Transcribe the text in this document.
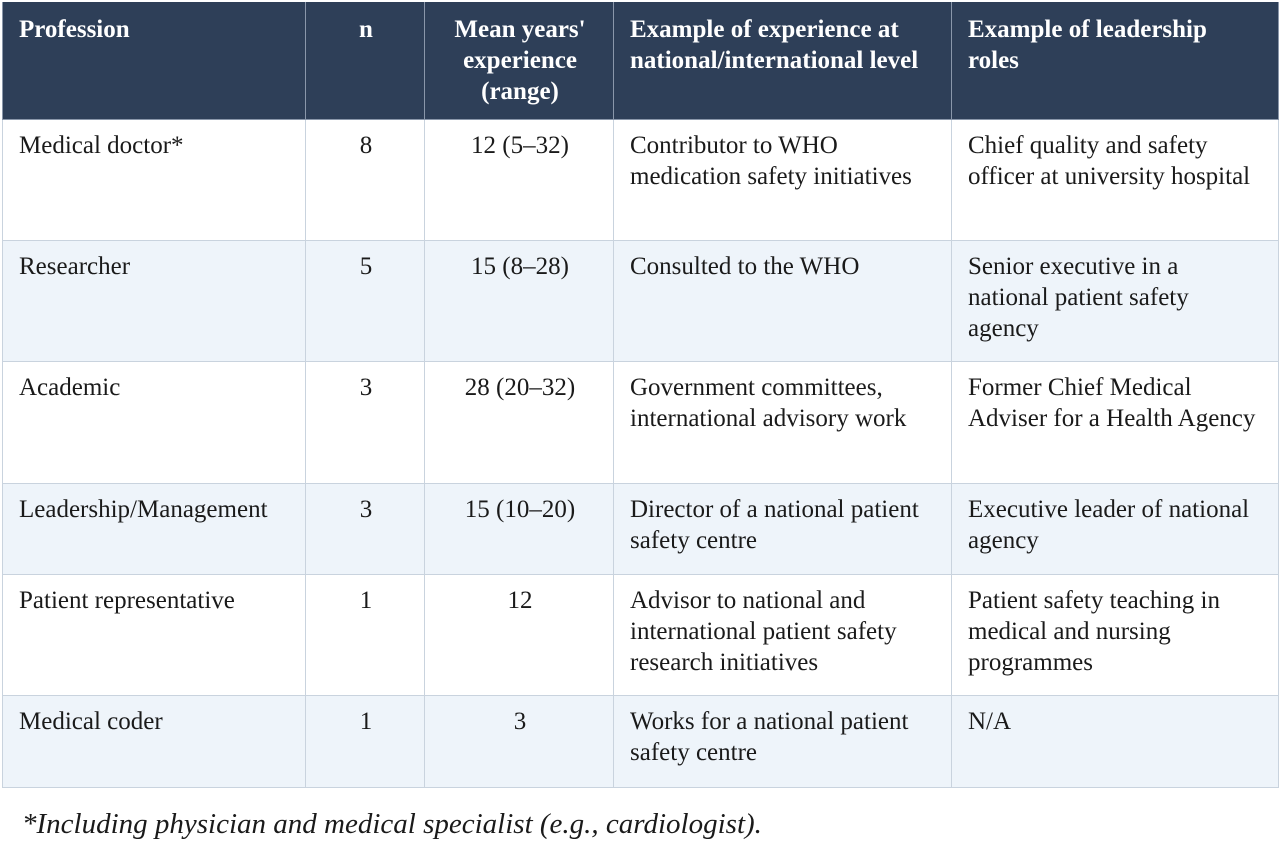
Profession	n	Mean years' experience (range)	Example of experience at national/international level	Example of leadership roles
Medical doctor*	8	12 (5–32)	Contributor to WHO medication safety initiatives	Chief quality and safety officer at university hospital
Researcher	5	15 (8–28)	Consulted to the WHO	Senior executive in a national patient safety agency
Academic	3	28 (20–32)	Government committees, international advisory work	Former Chief Medical Adviser for a Health Agency
Leadership/Management	3	15 (10–20)	Director of a national patient safety centre	Executive leader of national agency
Patient representative	1	12	Advisor to national and international patient safety research initiatives	Patient safety teaching in medical and nursing programmes
Medical coder	1	3	Works for a national patient safety centre	N/A
*Including physician and medical specialist (e.g., cardiologist).
